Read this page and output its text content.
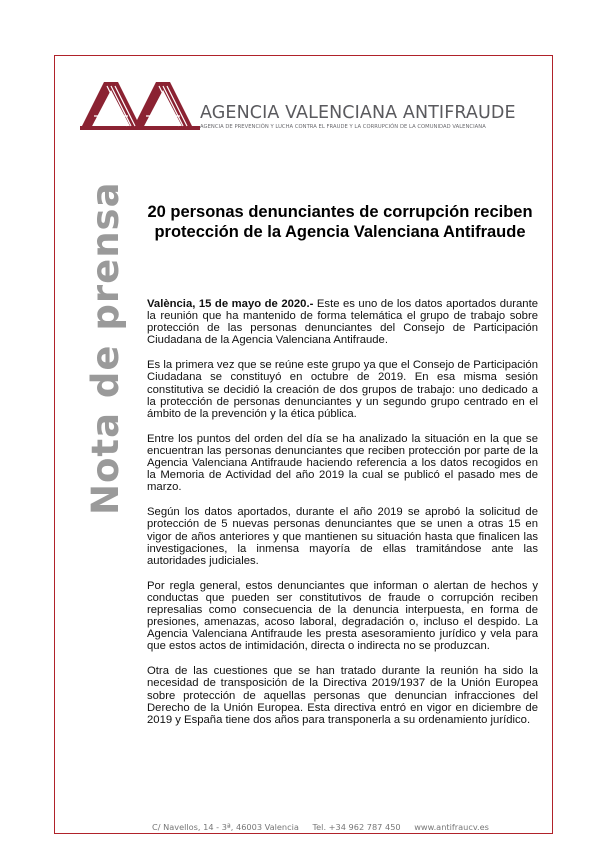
AGENCIA VALENCIANA ANTIFRAUDE
AGENCIA DE PREVENCIÓN Y LUCHA CONTRA EL FRAUDE Y LA CORRUPCIÓN DE LA COMUNIDAD VALENCIANA
Nota de prensa 20 personas denunciantes de corrupción reciben protección de la Agencia Valenciana Antifraude

València, 15 de mayo de 2020.- Este es uno de los datos aportados durante la reunión que ha mantenido de forma telemática el grupo de trabajo sobre protección de las personas denunciantes del Consejo de Participación Ciudadana de la Agencia Valenciana Antifraude.

Es la primera vez que se reúne este grupo ya que el Consejo de Participación Ciudadana se constituyó en octubre de 2019. En esa misma sesión constitutiva se decidió la creación de dos grupos de trabajo: uno dedicado a la protección de personas denunciantes y un segundo grupo centrado en el ámbito de la prevención y la ética pública.

Entre los puntos del orden del día se ha analizado la situación en la que se encuentran las personas denunciantes que reciben protección por parte de la Agencia Valenciana Antifraude haciendo referencia a los datos recogidos en la Memoria de Actividad del año 2019 la cual se publicó el pasado mes de marzo.

Según los datos aportados, durante el año 2019 se aprobó la solicitud de protección de 5 nuevas personas denunciantes que se unen a otras 15 en vigor de años anteriores y que mantienen su situación hasta que finalicen las investigaciones, la inmensa mayoría de ellas tramitándose ante las autoridades judiciales.

Por regla general, estos denunciantes que informan o alertan de hechos y conductas que pueden ser constitutivos de fraude o corrupción reciben represalias como consecuencia de la denuncia interpuesta, en forma de presiones, amenazas, acoso laboral, degradación o, incluso el despido. La Agencia Valenciana Antifraude les presta asesoramiento jurídico y vela para que estos actos de intimidación, directa o indirecta no se produzcan.

Otra de las cuestiones que se han tratado durante la reunión ha sido la necesidad de transposición de la Directiva 2019/1937 de la Unión Europea sobre protección de aquellas personas que denuncian infracciones del Derecho de la Unión Europea. Esta directiva entró en vigor en diciembre de 2019 y España tiene dos años para transponerla a su ordenamiento jurídico.

C/ Navellos, 14 - 3ª, 46003 Valencia Tel. +34 962 787 450 www.antifraucv.es
